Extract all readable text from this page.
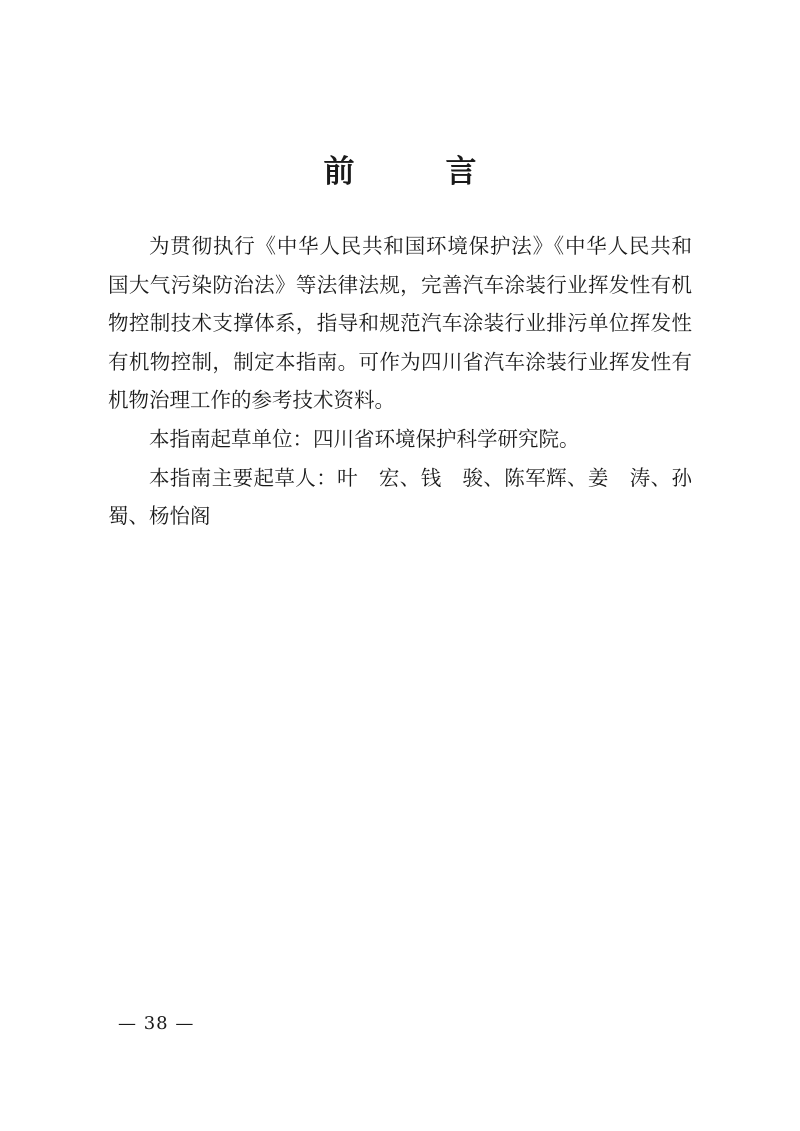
前　言

为贯彻执行《中华人民共和国环境保护法》《中华人民共和国大气污染防治法》等法律法规，完善汽车涂装行业挥发性有机物控制技术支撑体系，指导和规范汽车涂装行业排污单位挥发性有机物控制，制定本指南。可作为四川省汽车涂装行业挥发性有机物治理工作的参考技术资料。

本指南起草单位：四川省环境保护科学研究院。

本指南主要起草人：叶　宏、钱　骏、陈军辉、姜　涛、孙　蜀、杨怡阁

— 38 —
